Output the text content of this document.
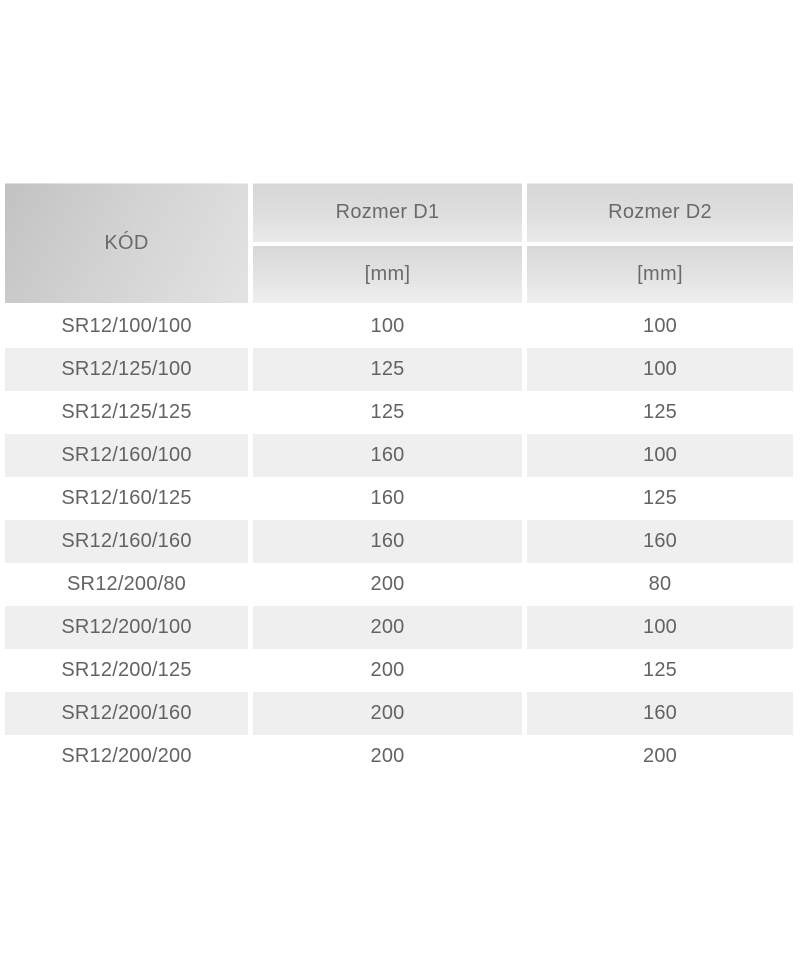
KÓD
Rozmer D1	Rozmer D2
[mm]	[mm]
SR12/100/100	100	100
SR12/125/100	125	100
SR12/125/125	125	125
SR12/160/100	160	100
SR12/160/125	160	125
SR12/160/160	160	160
SR12/200/80	200	80
SR12/200/100	200	100
SR12/200/125	200	125
SR12/200/160	200	160
SR12/200/200	200	200
